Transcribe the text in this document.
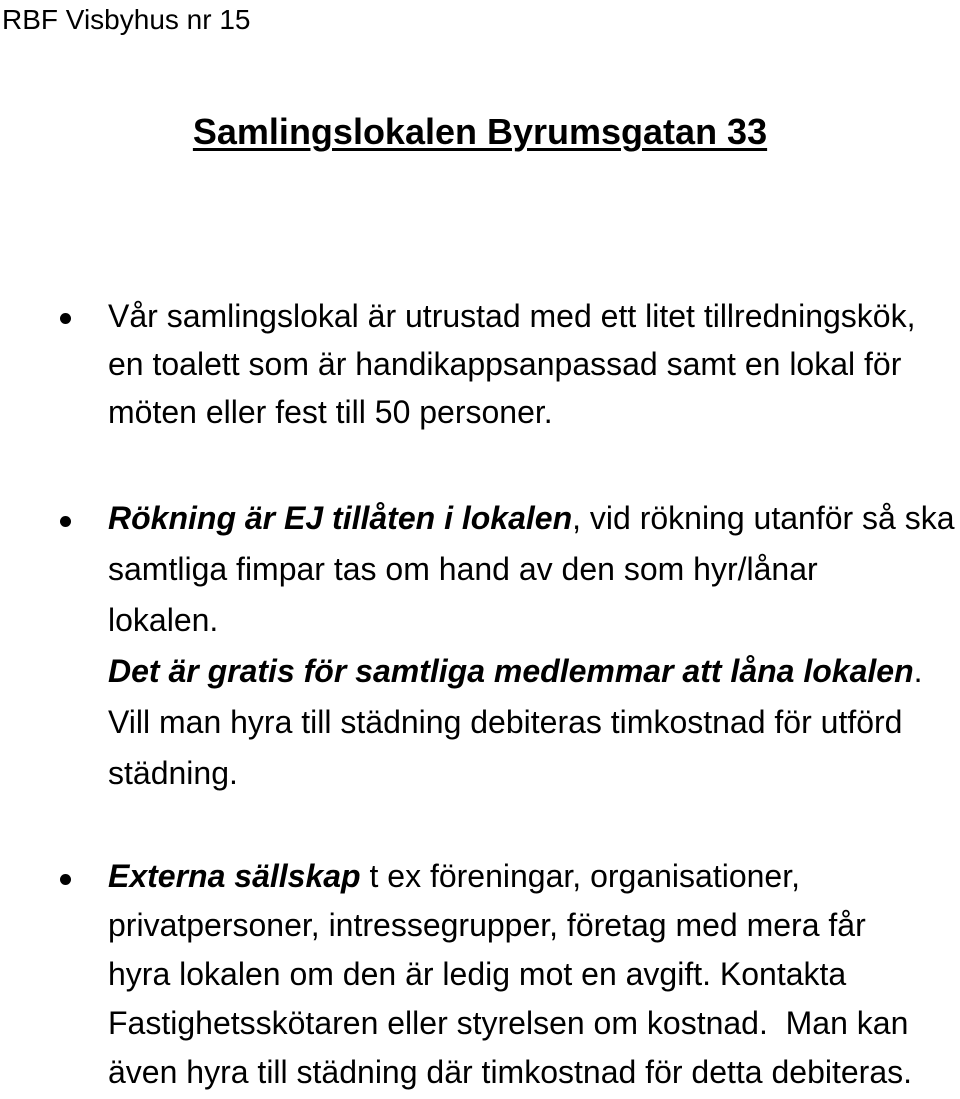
RBF Visbyhus nr 15
Samlingslokalen Byrumsgatan 33
Vår samlingslokal är utrustad med ett litet tillredningskök,
en toalett som är handikappsanpassad samt en lokal för
möten eller fest till 50 personer.
Rökning är EJ tillåten i lokalen, vid rökning utanför så ska
samtliga fimpar tas om hand av den som hyr/lånar
lokalen.
Det är gratis för samtliga medlemmar att låna lokalen.
Vill man hyra till städning debiteras timkostnad för utförd
städning.
Externa sällskap t ex föreningar, organisationer,
privatpersoner, intressegrupper, företag med mera får
hyra lokalen om den är ledig mot en avgift. Kontakta
Fastighetsskötaren eller styrelsen om kostnad.  Man kan
även hyra till städning där timkostnad för detta debiteras.
